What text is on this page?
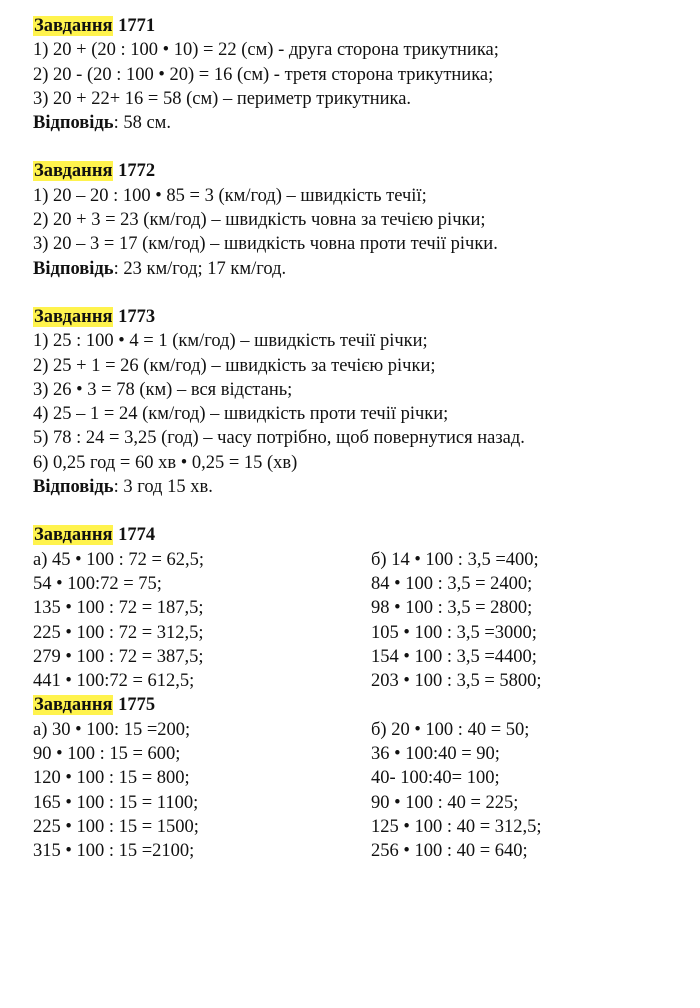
Завдання 1771
1) 20 + (20 : 100 • 10) = 22 (см) - друга сторона трикутника;
2) 20 - (20 : 100 • 20) = 16 (см) - третя сторона трикутника;
3) 20 + 22+ 16 = 58 (см) – периметр трикутника.
Відповідь: 58 см.
Завдання 1772
1) 20 – 20 : 100 • 85 = 3 (км/год) – швидкість течії;
2) 20 + 3 = 23 (км/год) – швидкість човна за течією річки;
3) 20 – 3 = 17 (км/год) – швидкість човна проти течії річки.
Відповідь: 23 км/год; 17 км/год.
Завдання 1773
1) 25 : 100 • 4 = 1 (км/год) – швидкість течії річки;
2) 25 + 1 = 26 (км/год) – швидкість за течією річки;
3) 26 • 3 = 78 (км) – вся відстань;
4) 25 – 1 = 24 (км/год) – швидкість проти течії річки;
5) 78 : 24 = 3,25 (год) – часу потрібно, щоб повернутися назад.
6) 0,25 год = 60 хв • 0,25 = 15 (хв)
Відповідь: 3 год 15 хв.
Завдання 1774
а) 45 • 100 : 72 = 62,5;
54 • 100:72 = 75;
135 • 100 : 72 = 187,5;
225 • 100 : 72 = 312,5;
279 • 100 : 72 = 387,5;
441 • 100:72 = 612,5;
б) 14 • 100 : 3,5 =400;
84 • 100 : 3,5 = 2400;
98 • 100 : 3,5 = 2800;
105 • 100 : 3,5 =3000;
154 • 100 : 3,5 =4400;
203 • 100 : 3,5 = 5800;
Завдання 1775
а) 30 • 100: 15 =200;
90 • 100 : 15 = 600;
120 • 100 : 15 = 800;
165 • 100 : 15 = 1100;
225 • 100 : 15 = 1500;
315 • 100 : 15 =2100;
б) 20 • 100 : 40 = 50;
36 • 100:40 = 90;
40- 100:40= 100;
90 • 100 : 40 = 225;
125 • 100 : 40 = 312,5;
256 • 100 : 40 = 640;
